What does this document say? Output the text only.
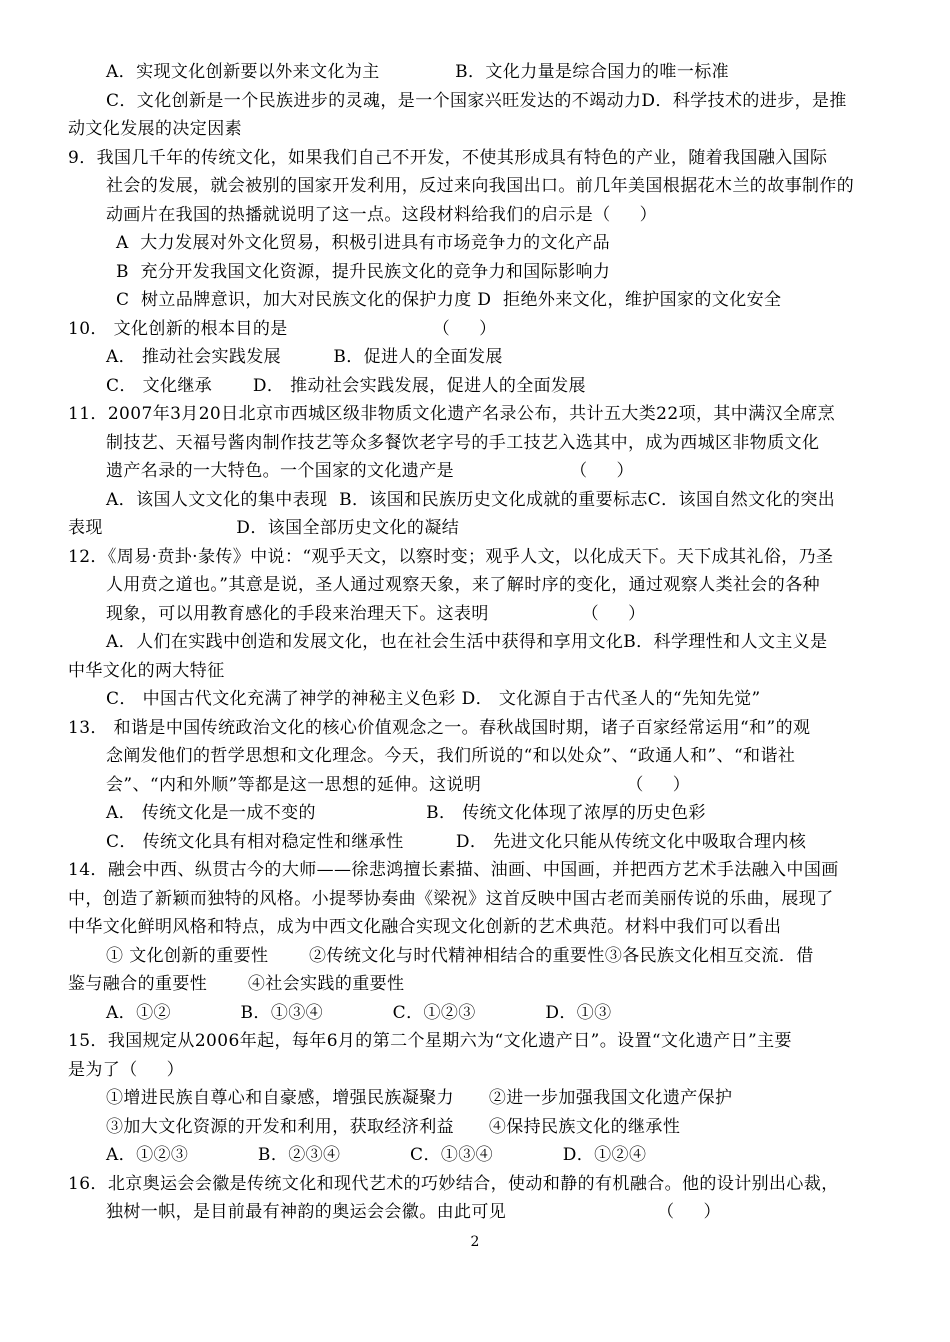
A．实现文化创新要以外来文化为主             B．文化力量是综合国力的唯一标准
C．文化创新是一个民族进步的灵魂，是一个国家兴旺发达的不竭动力D．科学技术的进步，是推
动文化发展的决定因素
9．我国几千年的传统文化，如果我们自己不开发，不使其形成具有特色的产业，随着我国融入国际
社会的发展，就会被别的国家开发利用，反过来向我国出口。前几年美国根据花木兰的故事制作的
动画片在我国的热播就说明了这一点。这段材料给我们的启示是（     ）
A  大力发展对外文化贸易，积极引进具有市场竞争力的文化产品
B  充分开发我国文化资源，提升民族文化的竞争力和国际影响力
C  树立品牌意识，加大对民族文化的保护力度 D  拒绝外来文化，维护国家的文化安全
10． 文化创新的根本目的是                         （     ）
A． 推动社会实践发展         B．促进人的全面发展
C． 文化继承       D． 推动社会实践发展，促进人的全面发展
11．2007年3月20日北京市西城区级非物质文化遗产名录公布，共计五大类22项，其中满汉全席烹
制技艺、天福号酱肉制作技艺等众多餐饮老字号的手工技艺入选其中，成为西城区非物质文化
遗产名录的一大特色。一个国家的文化遗产是                    （     ）
A．该国人文文化的集中表现  B．该国和民族历史文化成就的重要标志C．该国自然文化的突出
表现                       D．该国全部历史文化的凝结
12．《周易·贲卦·彖传》中说：“观乎天文，以察时变；观乎人文，以化成天下。天下成其礼俗，乃圣
人用贲之道也。”其意是说，圣人通过观察天象，来了解时序的变化，通过观察人类社会的各种
现象，可以用教育感化的手段来治理天下。这表明                （     ）
A．人们在实践中创造和发展文化，也在社会生活中获得和享用文化B．科学理性和人文主义是
中华文化的两大特征
C． 中国古代文化充满了神学的神秘主义色彩 D． 文化源自于古代圣人的“先知先觉”
13． 和谐是中国传统政治文化的核心价值观念之一。春秋战国时期，诸子百家经常运用“和”的观
念阐发他们的哲学思想和文化理念。今天，我们所说的“和以处众”、“政通人和”、“和谐社
会”、“内和外顺”等都是这一思想的延伸。这说明                         （     ）
A． 传统文化是一成不变的                   B． 传统文化体现了浓厚的历史色彩
C． 传统文化具有相对稳定性和继承性         D． 先进文化只能从传统文化中吸取合理内核
14．融会中西、纵贯古今的大师——徐悲鸿擅长素描、油画、中国画，并把西方艺术手法融入中国画
中，创造了新颖而独特的风格。小提琴协奏曲《梁祝》这首反映中国古老而美丽传说的乐曲，展现了
中华文化鲜明风格和特点，成为中西文化融合实现文化创新的艺术典范。材料中我们可以看出
① 文化创新的重要性       ②传统文化与时代精神相结合的重要性③各民族文化相互交流．借
鉴与融合的重要性       ④社会实践的重要性
A．①②            B．①③④            C．①②③            D．①③
15．我国规定从2006年起，每年6月的第二个星期六为“文化遗产日”。设置“文化遗产日”主要
是为了（     ）
①增进民族自尊心和自豪感，增强民族凝聚力      ②进一步加强我国文化遗产保护
③加大文化资源的开发和利用，获取经济利益      ④保持民族文化的继承性
A．①②③            B．②③④            C．①③④            D．①②④
16．北京奥运会会徽是传统文化和现代艺术的巧妙结合，使动和静的有机融合。他的设计别出心裁，
独树一帜，是目前最有神韵的奥运会会徽。由此可见                          （     ）
2
